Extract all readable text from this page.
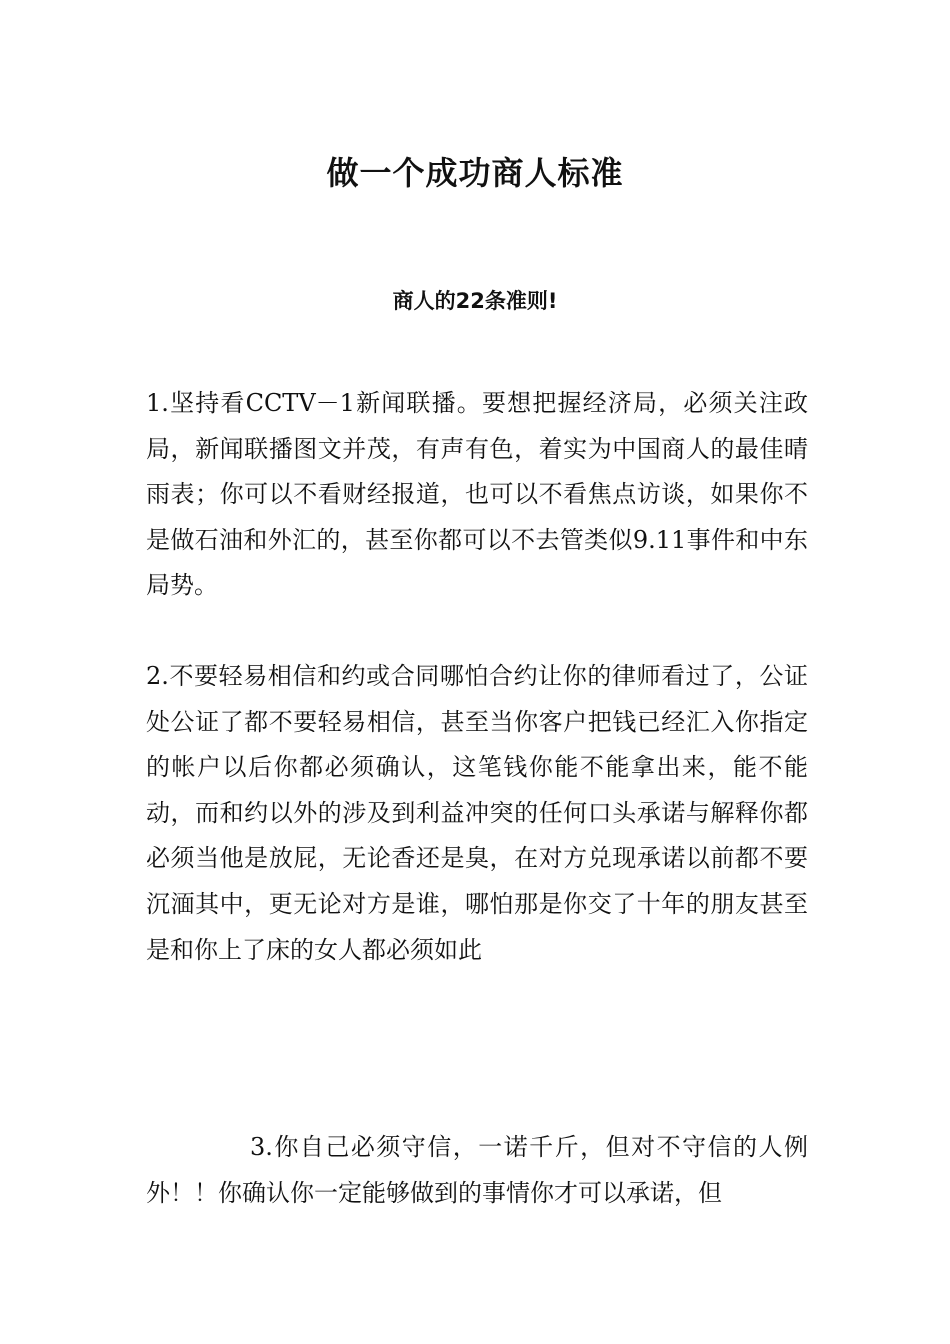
做一个成功商人标准
商人的22条准则!

1.坚持看CCTV－1新闻联播。要想把握经济局，必须关注政局，新闻联播图文并茂，有声有色，着实为中国商人的最佳晴雨表；你可以不看财经报道，也可以不看焦点访谈，如果你不是做石油和外汇的，甚至你都可以不去管类似9.11事件和中东局势。

2.不要轻易相信和约或合同哪怕合约让你的律师看过了，公证处公证了都不要轻易相信，甚至当你客户把钱已经汇入你指定的帐户以后你都必须确认，这笔钱你能不能拿出来，能不能动，而和约以外的涉及到利益冲突的任何口头承诺与解释你都必须当他是放屁，无论香还是臭，在对方兑现承诺以前都不要沉湎其中，更无论对方是谁，哪怕那是你交了十年的朋友甚至是和你上了床的女人都必须如此

3.你自己必须守信，一诺千斤，但对不守信的人例外！！你确认你一定能够做到的事情你才可以承诺，但
